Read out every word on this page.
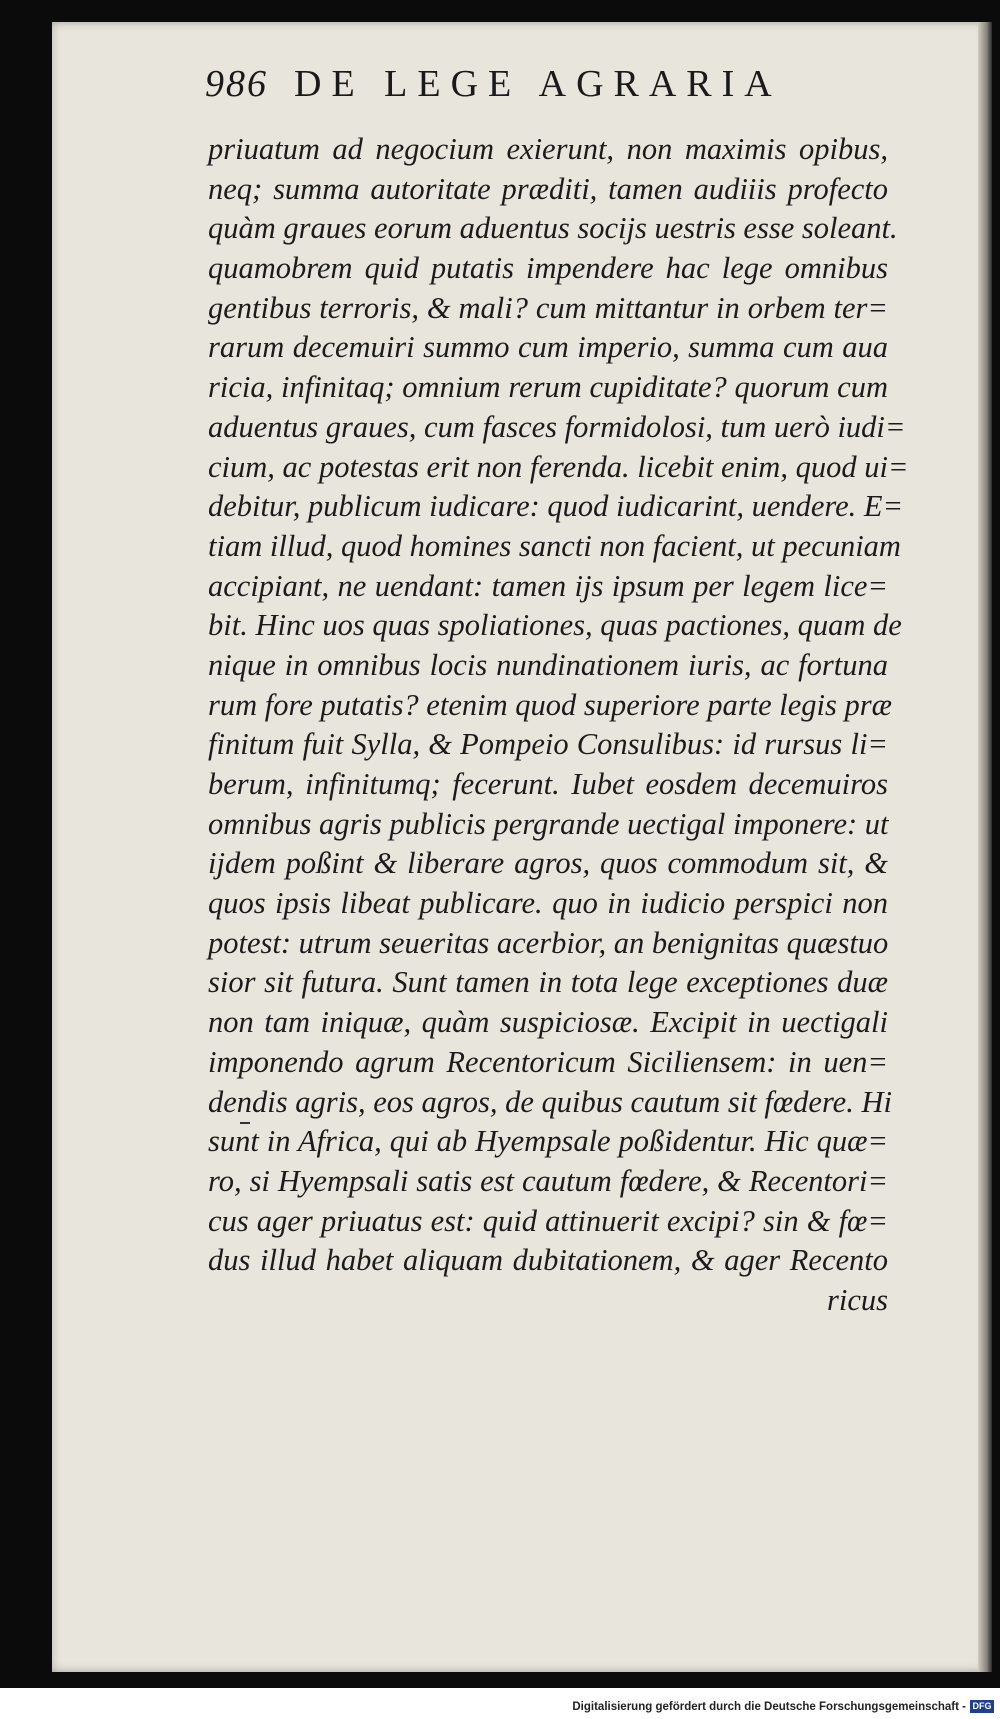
986 DE LEGE AGRARIA
priuatum ad negocium exierunt, non maximis opibus,
neq; summa autoritate præditi, tamen audiiis profecto
quàm graues eorum aduentus socijs uestris esse soleant.
quamobrem quid putatis impendere hac lege omnibus
gentibus terroris, & mali? cum mittantur in orbem ter=
rarum decemuiri summo cum imperio, summa cum aua
ricia, infinitaq; omnium rerum cupiditate? quorum cum
aduentus graues, cum fasces formidolosi, tum uerò iudi=
cium, ac potestas erit non ferenda. licebit enim, quod ui=
debitur, publicum iudicare: quod iudicarint, uendere. E=
tiam illud, quod homines sancti non facient, ut pecuniam
accipiant, ne uendant: tamen ijs ipsum per legem lice=
bit. Hinc uos quas spoliationes, quas pactiones, quam de
nique in omnibus locis nundinationem iuris, ac fortuna
rum fore putatis? etenim quod superiore parte legis præ
finitum fuit Sylla, & Pompeio Consulibus: id rursus li=
berum, infinitumq; fecerunt. Iubet eosdem decemuiros
omnibus agris publicis pergrande uectigal imponere: ut
ijdem poßint & liberare agros, quos commodum sit, &
quos ipsis libeat publicare. quo in iudicio perspici non
potest: utrum seueritas acerbior, an benignitas quæstuo
sior sit futura. Sunt tamen in tota lege exceptiones duæ
non tam iniquæ, quàm suspiciosæ. Excipit in uectigali
imponendo agrum Recentoricum Siciliensem: in uen=
dendis agris, eos agros, de quibus cautum sit fœdere. Hi
sunt in Africa, qui ab Hyempsale poßidentur. Hic quæ=
ro, si Hyempsali satis est cautum fœdere, & Recentori=
cus ager priuatus est: quid attinuerit excipi? sin & fœ=
dus illud habet aliquam dubitationem, & ager Recento
ricus
Digitalisierung gefördert durch die Deutsche Forschungsgemeinschaft - DFG
